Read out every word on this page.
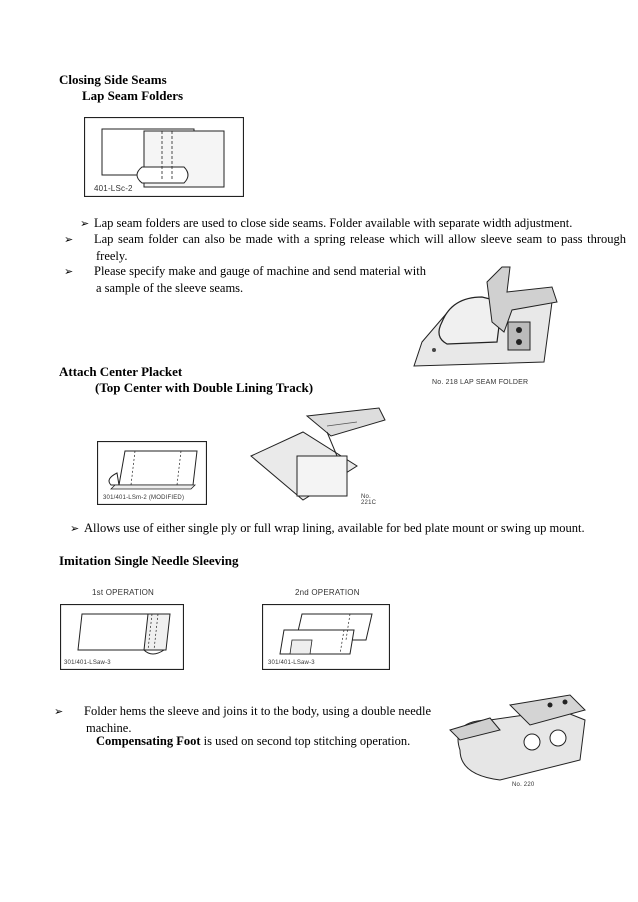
Closing Side Seams
Lap Seam Folders
401-LSc-2
➢ Lap seam folders are used to close side seams. Folder available with separate width adjustment.
➢ Lap seam folder can also be made with a spring release which will allow sleeve seam to pass through freely.
➢ Please specify make and gauge of machine and send material with a sample of the sleeve seams.
No. 218 LAP SEAM FOLDER
Attach Center Placket
(Top Center with Double Lining Track)
301/401-LSm-2 (MODIFIED)	No. 221C
➢ Allows use of either single ply or full wrap lining, available for bed plate mount or swing up mount.
Imitation Single Needle Sleeving
1st OPERATION
301/401-LSaw-3
2nd OPERATION
301/401-LSaw-3
➢ Folder hems the sleeve and joins it to the body, using a double needle machine.
Compensating Foot is used on second top stitching operation.
No. 220
